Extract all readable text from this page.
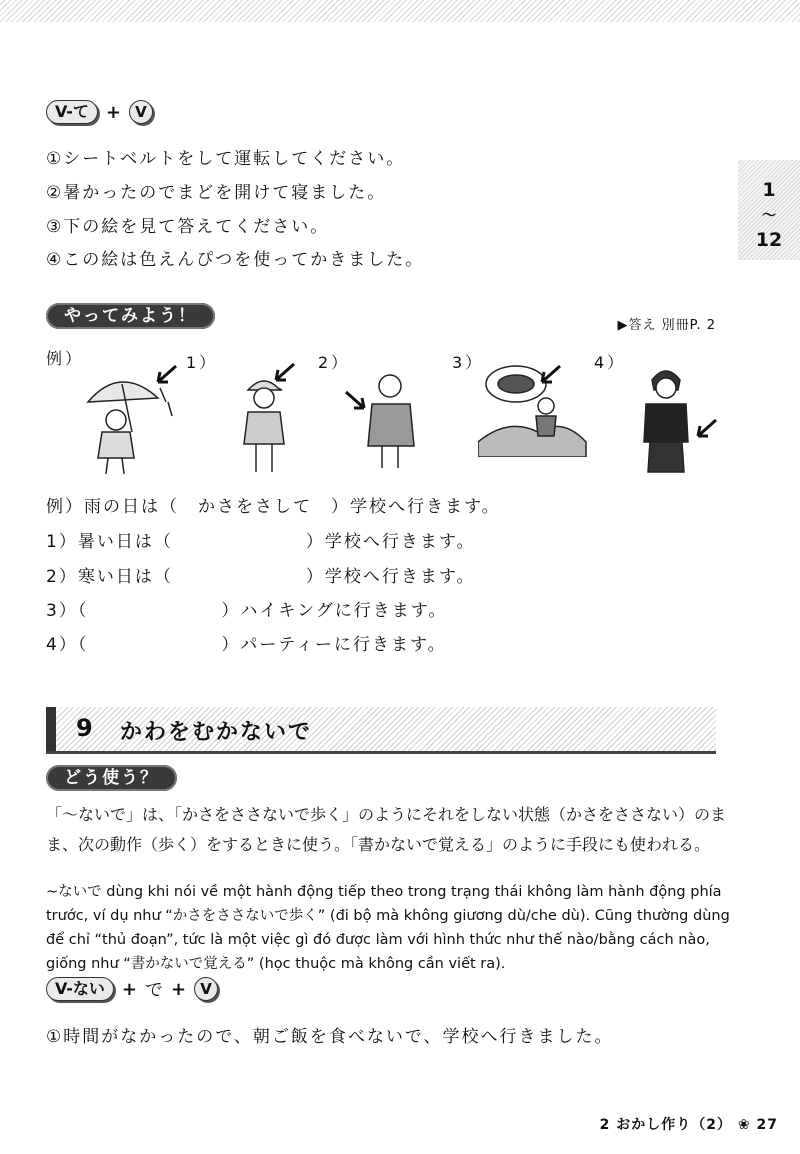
1
〜
12
V-て + V
①シートベルトをして運転してください。
②暑かったのでまどを開けて寝ました。
③下の絵を見て答えてください。
④この絵は色えんぴつを使ってかきました。
やってみよう！	▶答え 別冊P. 2
例）	1）	2）	3）	4）
例）雨の日は（　かさをさして　）学校へ行きます。
1）暑い日は（　　　　　　　）学校へ行きます。
2）寒い日は（　　　　　　　）学校へ行きます。
3）（　　　　　　　）ハイキングに行きます。
4）（　　　　　　　）パーティーに行きます。
9 かわをむかないで
どう使う？
「〜ないで」は、「かさをささないで歩く」のようにそれをしない状態（かさをささない）のまま、次の動作（歩く）をするときに使う。「書かないで覚える」のように手段にも使われる。
~ないで dùng khi nói về một hành động tiếp theo trong trạng thái không làm hành động phía trước, ví dụ như “かさをささないで歩く” (đi bộ mà không giương dù/che dù). Cũng thường dùng để chỉ “thủ đoạn”, tức là một việc gì đó được làm với hình thức như thế nào/bằng cách nào, giống như “書かないで覚える” (học thuộc mà không cần viết ra).
V-ない + で + V
①時間がなかったので、朝ご飯を食べないで、学校へ行きました。
2 おかし作り（2） ❀ 27
